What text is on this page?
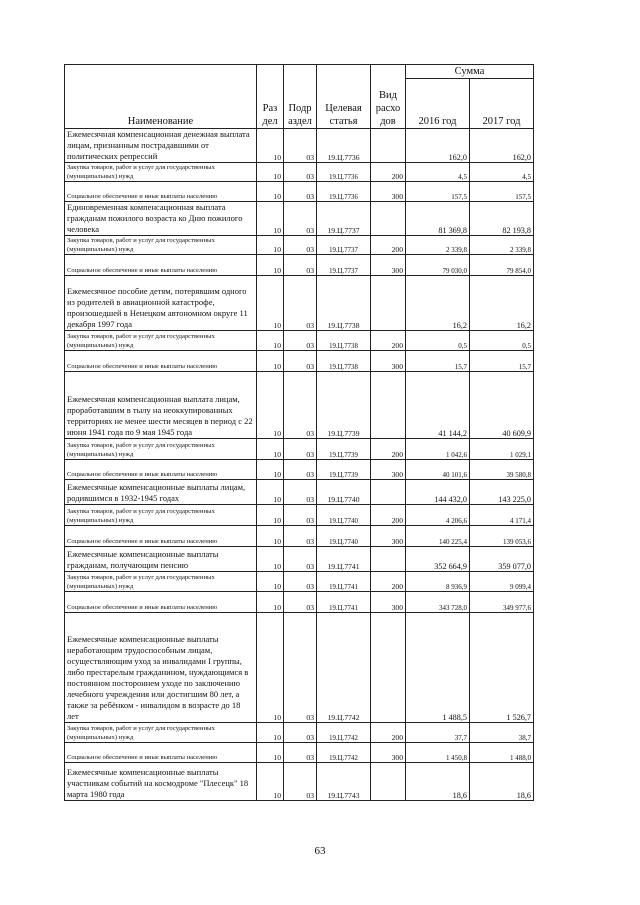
Наименование	Раз дел	Подр аздел	Целевая статья	Вид расхо дов	Сумма	
					2016 год	2017 год
Ежемесячная компенсационная денежная выплата лицам, признанным пострадавшими от политических репрессий	10	03	19.Ц.7736		162,0	162,0
Закупка товаров, работ и услуг для государственных (муниципальных) нужд	10	03	19.Ц.7736	200	4,5	4,5
Социальное обеспечение и иные выплаты населению	10	03	19.Ц.7736	300	157,5	157,5
Единовременная компенсационная выплата гражданам пожилого возраста ко Дню пожилого человека	10	03	19.Ц.7737		81 369,8	82 193,8
Закупка товаров, работ и услуг для государственных (муниципальных) нужд	10	03	19.Ц.7737	200	2 339,8	2 339,8
Социальное обеспечение и иные выплаты населению	10	03	19.Ц.7737	300	79 030,0	79 854,0
Ежемесячное пособие детям, потерявшим одного из родителей в авиационной катастрофе, произошедшей в Ненецком автономном округе 11 декабря 1997 года	10	03	19.Ц.7738		16,2	16,2
Закупка товаров, работ и услуг для государственных (муниципальных) нужд	10	03	19.Ц.7738	200	0,5	0,5
Социальное обеспечение и иные выплаты населению	10	03	19.Ц.7738	300	15,7	15,7
Ежемесячная компенсационная выплата лицам, проработавшим в тылу на неоккупированных территориях не менее шести месяцев в период с 22 июня 1941 года по 9 мая 1945 года	10	03	19.Ц.7739		41 144,2	40 609,9
Закупка товаров, работ и услуг для государственных (муниципальных) нужд	10	03	19.Ц.7739	200	1 042,6	1 029,1
Социальное обеспечение и иные выплаты населению	10	03	19.Ц.7739	300	40 101,6	39 580,8
Ежемесячные компенсационные выплаты лицам, родившимся в 1932-1945 годах	10	03	19.Ц.7740		144 432,0	143 225,0
Закупка товаров, работ и услуг для государственных (муниципальных) нужд	10	03	19.Ц.7740	200	4 206,6	4 171,4
Социальное обеспечение и иные выплаты населению	10	03	19.Ц.7740	300	140 225,4	139 053,6
Ежемесячные компенсационные выплаты гражданам, получающим пенсию	10	03	19.Ц.7741		352 664,9	359 077,0
Закупка товаров, работ и услуг для государственных (муниципальных) нужд	10	03	19.Ц.7741	200	8 936,9	9 099,4
Социальное обеспечение и иные выплаты населению	10	03	19.Ц.7741	300	343 728,0	349 977,6
Ежемесячные компенсационные выплаты неработающим трудоспособным лицам, осуществляющим уход за инвалидами I группы, либо престарелым гражданином, нуждающимся в постоянном постороннем уходе по заключению лечебного учреждения или достигшим 80 лет, а также за ребёнком - инвалидом в возрасте до 18 лет	10	03	19.Ц.7742		1 488,5	1 526,7
Закупка товаров, работ и услуг для государственных (муниципальных) нужд	10	03	19.Ц.7742	200	37,7	38,7
Социальное обеспечение и иные выплаты населению	10	03	19.Ц.7742	300	1 450,8	1 488,0
Ежемесячные компенсационные выплаты участникам событий на космодроме "Плесецк" 18 марта 1980 года	10	03	19.Ц.7743		18,6	18,6
63
